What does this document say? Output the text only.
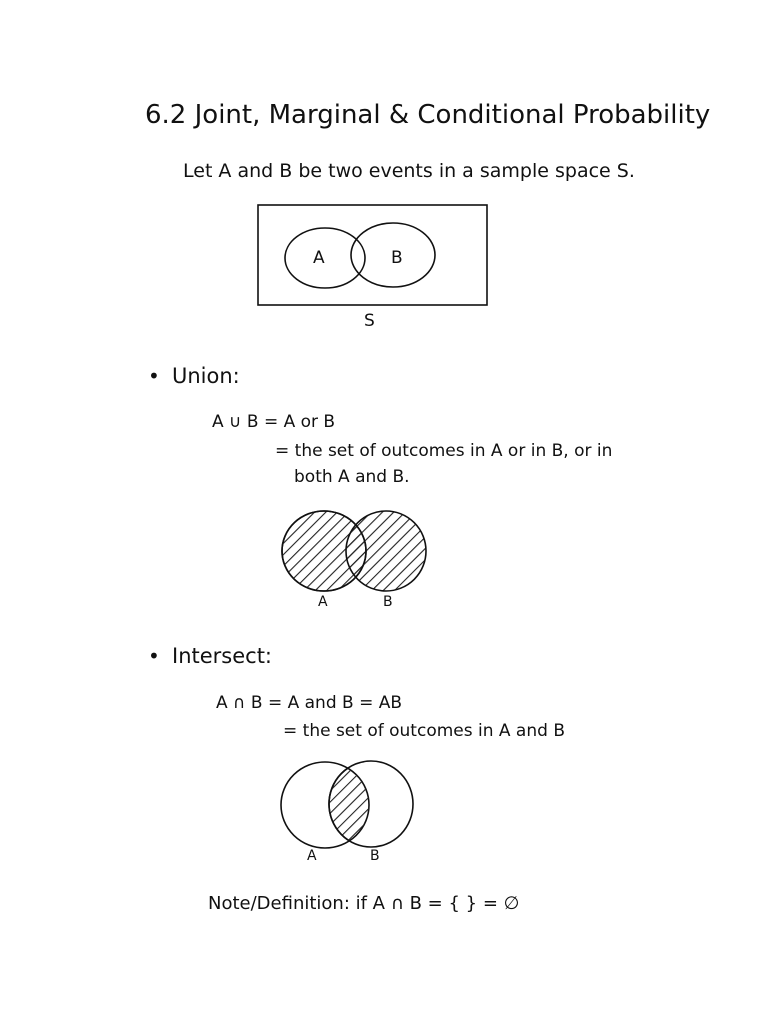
6.2 Joint, Marginal & Conditional Probability
Let A and B be two events in a sample space S.
A	B
S
• Union:
A ∪ B = A or B
= the set of outcomes in A or in B, or in
both A and B.
A	B
• Intersect:
A ∩ B = A and B = AB
= the set of outcomes in A and B
A	B
Note/Definition: if A ∩ B = { } = ∅
